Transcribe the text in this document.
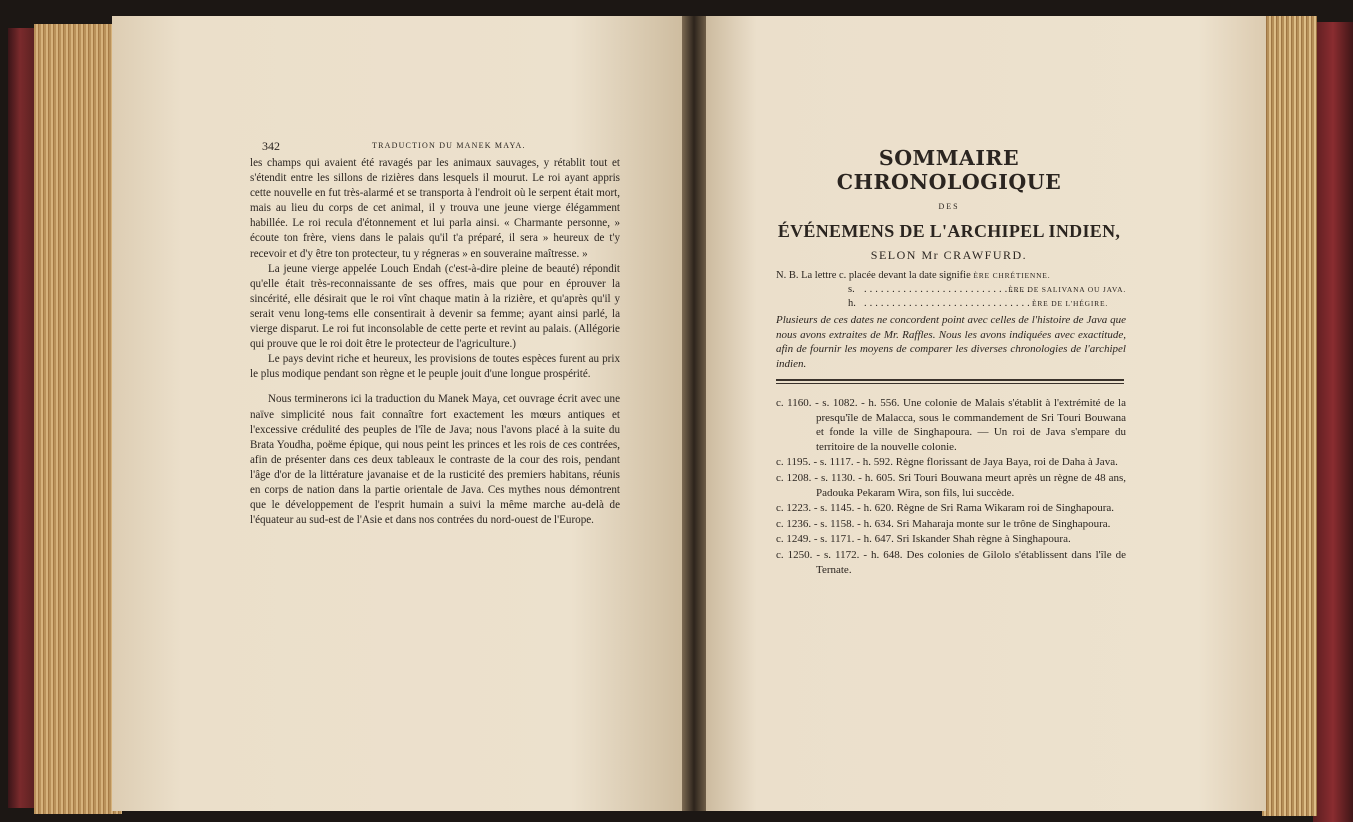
342	TRADUCTION DU MANEK MAYA.

les champs qui avaient été ravagés par les animaux sauvages, y rétablit tout et s'étendit entre les sillons de rizières dans lesquels il mourut. Le roi ayant appris cette nouvelle en fut très-alarmé et se transporta à l'endroit où le serpent était mort, mais au lieu du corps de cet animal, il y trouva une jeune vierge élégamment habillée. Le roi recula d'étonnement et lui parla ainsi. « Charmante personne, » écoute ton frère, viens dans le palais qu'il t'a préparé, il sera » heureux de t'y recevoir et d'y être ton protecteur, tu y régneras » en souveraine maîtresse. »

La jeune vierge appelée Louch Endah (c'est-à-dire pleine de beauté) répondit qu'elle était très-reconnaissante de ses offres, mais que pour en éprouver la sincérité, elle désirait que le roi vînt chaque matin à la rizière, et qu'après qu'il y serait venu long-tems elle consentirait à devenir sa femme; ayant ainsi parlé, la vierge disparut. Le roi fut inconsolable de cette perte et revint au palais. (Allégorie qui prouve que le roi doit être le protecteur de l'agriculture.)

Le pays devint riche et heureux, les provisions de toutes espèces furent au prix le plus modique pendant son règne et le peuple jouit d'une longue prospérité.

Nous terminerons ici la traduction du Manek Maya, cet ouvrage écrit avec une naïve simplicité nous fait connaître fort exactement les mœurs antiques et l'excessive crédulité des peuples de l'île de Java; nous l'avons placé à la suite du Brata Youdha, poëme épique, qui nous peint les princes et les rois de ces contrées, afin de présenter dans ces deux tableaux le contraste de la cour des rois, pendant l'âge d'or de la littérature javanaise et de la rusticité des premiers habitans, réunis en corps de nation dans la partie orientale de Java. Ces mythes nous démontrent que le développement de l'esprit humain a suivi la même marche au-delà de l'équateur au sud-est de l'Asie et dans nos contrées du nord-ouest de l'Europe.

SOMMAIRE CHRONOLOGIQUE
DES
ÉVÉNEMENS DE L'ARCHIPEL INDIEN,
SELON Mr CRAWFURD.
N. B. La lettre c. placée devant la date signifie ÈRE CHRÉTIENNE.
s. ..............................
ÈRE DE SALIVANA OU JAVA.
h. .............................. ÈRE DE L'HÉGIRE.
Plusieurs de ces dates ne concordent point avec celles de l'histoire de Java que nous avons extraites de Mr. Raffles. Nous les avons indiquées avec exactitude, afin de fournir les moyens de comparer les diverses chronologies de l'archipel indien.

c. 1160. - s. 1082. - h. 556. Une colonie de Malais s'établit à l'extrémité de la presqu'île de Malacca, sous le commandement de Sri Touri Bouwana et fonde la ville de Singhapoura. — Un roi de Java s'empare du territoire de la nouvelle colonie.

c. 1195. - s. 1117. - h. 592. Règne florissant de Jaya Baya, roi de Daha à Java.

c. 1208. - s. 1130. - h. 605. Sri Touri Bouwana meurt après un règne de 48 ans, Padouka Pekaram Wira, son fils, lui succède.

c. 1223. - s. 1145. - h. 620. Règne de Sri Rama Wikaram roi de Singhapoura.

c. 1236. - s. 1158. - h. 634. Sri Maharaja monte sur le trône de Singhapoura.

c. 1249. - s. 1171. - h. 647. Sri Iskander Shah règne à Singhapoura.

c. 1250. - s. 1172. - h. 648. Des colonies de Gilolo s'établissent dans l'île de Ternate.
